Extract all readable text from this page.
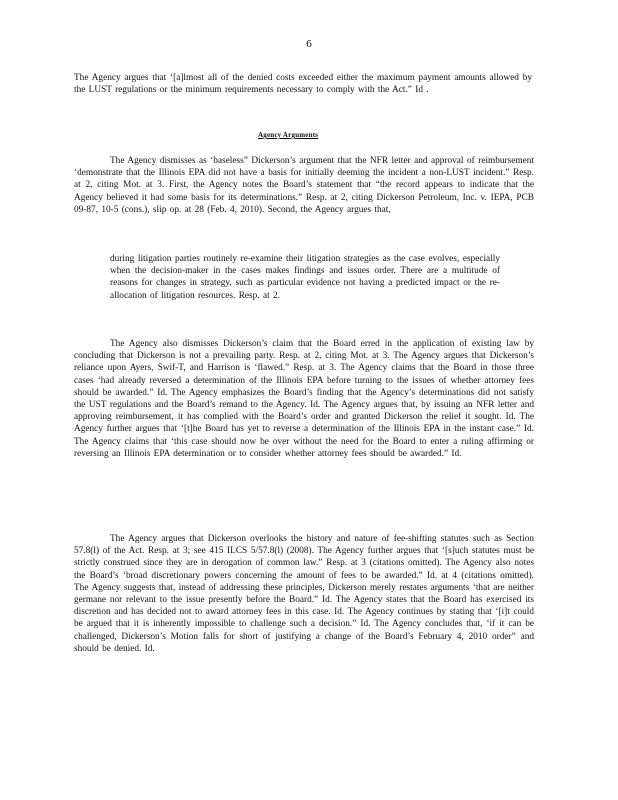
6

The Agency argues that ‘[a]lmost all of the denied costs exceeded either the maximum payment amounts allowed by the LUST regulations or the minimum requirements necessary to comply with the Act.” Id .

Agency Arguments

The Agency dismisses as ‘baseless” Dickerson’s argument that the NFR letter and approval of reimbursement ‘demonstrate that the Illinois EPA did not have a basis for initially deeming the incident a non-LUST incident.” Resp. at 2, citing Mot. at 3. First, the Agency notes the Board’s statement that “the record appears to indicate that the Agency believed it had some basis for its determinations.” Resp. at 2, citing Dickerson Petroleum, Inc. v. IEPA, PCB 09-87, 10-5 (cons.), slip op. at 28 (Feb. 4, 2010). Second, the Agency argues that,

during litigation parties routinely re-examine their litigation strategies as the case evolves, especially when the decision-maker in the cases makes findings and issues order. There are a multitude of reasons for changes in strategy, such as particular evidence not having a predicted impact or the re-allocation of litigation resources. Resp. at 2.

The Agency also dismisses Dickerson’s claim that the Board erred in the application of existing law by concluding that Dickerson is not a prevailing party. Resp. at 2, citing Mot. at 3. The Agency argues that Dickerson’s reliance upon Ayers, Swif-T, and Harrison is ‘flawed.” Resp. at 3. The Agency claims that the Board in those three cases ‘had already reversed a determination of the Illinois EPA before turning to the issues of whether attorney fees should be awarded.” Id. The Agency emphasizes the Board’s finding that the Agency’s determinations did not satisfy the UST regulations and the Board’s remand to the Agency. Id. The Agency argues that, by issuing an NFR letter and approving reimbursement, it has complied with the Board’s order and granted Dickerson the relief it sought. Id. The Agency further argues that ‘[t]he Board has yet to reverse a determination of the Illinois EPA in the instant case.” Id. The Agency claims that ‘this case should now be over without the need for the Board to enter a ruling affirming or reversing an Illinois EPA determination or to consider whether attorney fees should be awarded.” Id.

The Agency argues that Dickerson overlooks the history and nature of fee-shifting statutes such as Section 57.8(l) of the Act. Resp. at 3; see 415 ILCS 5/57.8(l) (2008). The Agency further argues that ‘[s]uch statutes must be strictly construed since they are in derogation of common law.” Resp. at 3 (citations omitted). The Agency also notes the Board’s ‘broad discretionary powers concerning the amount of fees to be awarded.” Id. at 4 (citations omitted). The Agency suggests that, instead of addressing these principles, Dickerson merely restates arguments ‘that are neither germane nor relevant to the issue presently before the Board.” Id. The Agency states that the Board has exercised its discretion and has decided not to award attorney fees in this case. Id. The Agency continues by stating that ‘[i]t could be argued that it is inherently impossible to challenge such a decision.” Id. The Agency concludes that, ‘if it can be challenged, Dickerson’s Motion falls for short of justifying a change of the Board’s February 4, 2010 order” and should be denied. Id.
